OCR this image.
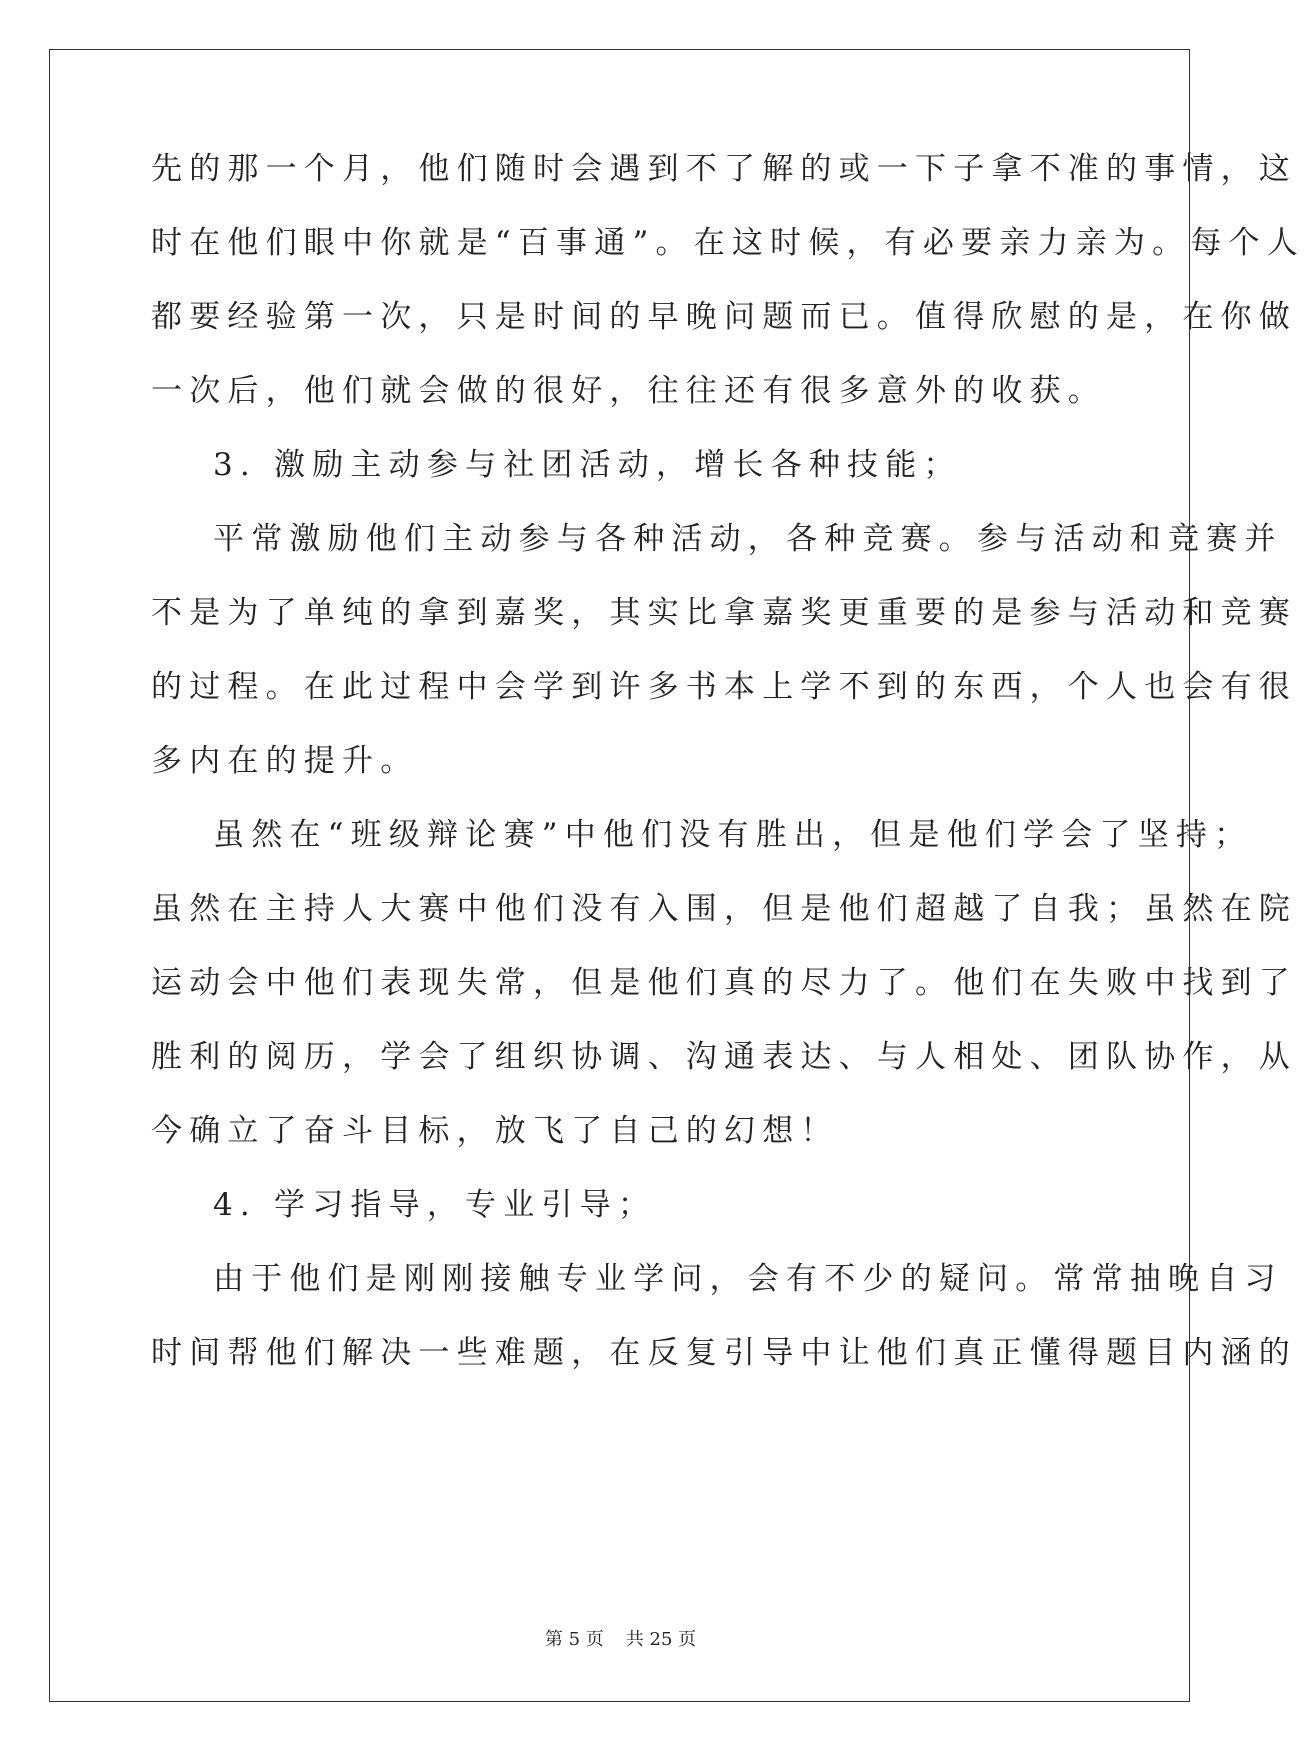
先的那一个月，他们随时会遇到不了解的或一下子拿不准的事情，这
时在他们眼中你就是“百事通”。在这时候，有必要亲力亲为。每个人
都要经验第一次，只是时间的早晚问题而已。值得欣慰的是，在你做
一次后，他们就会做的很好，往往还有很多意外的收获。
3. 激励主动参与社团活动，增长各种技能；
平常激励他们主动参与各种活动，各种竞赛。参与活动和竞赛并
不是为了单纯的拿到嘉奖，其实比拿嘉奖更重要的是参与活动和竞赛
的过程。在此过程中会学到许多书本上学不到的东西，个人也会有很
多内在的提升。
虽然在“班级辩论赛”中他们没有胜出，但是他们学会了坚持；
虽然在主持人大赛中他们没有入围，但是他们超越了自我；虽然在院
运动会中他们表现失常，但是他们真的尽力了。他们在失败中找到了
胜利的阅历，学会了组织协调、沟通表达、与人相处、团队协作，从
今确立了奋斗目标，放飞了自己的幻想！
4. 学习指导，专业引导；
由于他们是刚刚接触专业学问，会有不少的疑问。常常抽晚自习
时间帮他们解决一些难题，在反复引导中让他们真正懂得题目内涵的
第 5 页 共 25 页
